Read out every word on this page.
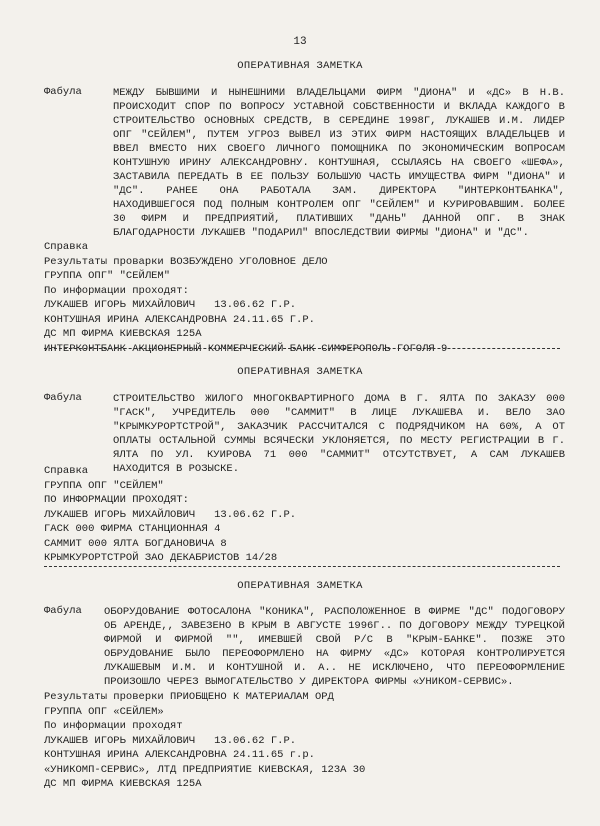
13
ОПЕРАТИВНАЯ ЗАМЕТКА
Фабула	МЕЖДУ БЫВШИМИ И НЫНЕШНИМИ ВЛАДЕЛЬЦАМИ ФИРМ "ДИОНА" И «ДС» В Н.В.
ПРОИСХОДИТ СПОР ПО ВОПРОСУ УСТАВНОЙ СОБСТВЕННОСТИ И ВКЛАДА КАЖДОГО В
СТРОИТЕЛЬСТВО ОСНОВНЫХ СРЕДСТВ, В СЕРЕДИНЕ 1998Г, ЛУКАШЕВ И.М. ЛИДЕР
ОПГ "СЕЙЛЕМ", ПУТЕМ УГРОЗ ВЫВЕЛ ИЗ ЭТИХ ФИРМ НАСТОЯЩИХ ВЛАДЕЛЬЦЕВ И
ВВЕЛ ВМЕСТО НИХ СВОЕГО ЛИЧНОГО ПОМОЩНИКА ПО ЭКОНОМИЧЕСКИМ ВОПРОСАМ
КОНТУШНУЮ ИРИНУ АЛЕКСАНДРОВНУ. КОНТУШНАЯ, ССЫЛАЯСЬ НА СВОЕГО «ШЕФА»,
ЗАСТАВИЛА ПЕРЕДАТЬ В ЕЕ ПОЛЬЗУ БОЛЬШУЮ ЧАСТЬ ИМУЩЕСТВА ФИРМ "ДИОНА" И
"ДС". РАНЕЕ ОНА РАБОТАЛА ЗАМ. ДИРЕКТОРА "ИНТЕРКОНТБАНКА",
НАХОДИВШЕГОСЯ ПОД ПОЛНЫМ КОНТРОЛЕМ ОПГ "СЕЙЛЕМ" И КУРИРОВАВШИМ. БОЛЕЕ
30 ФИРМ И ПРЕДПРИЯТИЙ, ПЛАТИВШИХ "ДАНЬ" ДАННОЙ ОПГ. В ЗНАК
БЛАГОДАРНОСТИ ЛУКАШЕВ "ПОДАРИЛ" ВПОСЛЕДСТВИИ ФИРМЫ "ДИОНА" И "ДС".
Справка
Результаты проварки ВОЗБУЖДЕНО УГОЛОВНОЕ ДЕЛО
ГРУППА ОПГ" "СЕЙЛЕМ"
По информации проходят:
ЛУКАШЕВ ИГОРЬ МИХАЙЛОВИЧ   13.06.62 Г.Р.
КОНТУШНАЯ ИРИНА АЛЕКСАНДРОВНА 24.11.65 Г.Р.
ДС МП ФИРМА КИЕВСКАЯ 125А
ИНТЕРКОНТБАНК АКЦИОНЕРНЫЙ КОММЕРЧЕСКИЙ БАНК СИМФЕРОПОЛЬ ГОГОЛЯ 9
ОПЕРАТИВНАЯ ЗАМЕТКА
Фабула	СТРОИТЕЛЬСТВО ЖИЛОГО МНОГОКВАРТИРНОГО ДОМА В Г. ЯЛТА ПО ЗАКАЗУ 000
"ГАСК", УЧРЕДИТЕЛЬ 000 "САММИТ" В ЛИЦЕ ЛУКАШЕВА И. ВЕЛО ЗАО
"КРЫМКУРОРТСТРОЙ", ЗАКАЗЧИК РАССЧИТАЛСЯ С ПОДРЯДЧИКОМ НА 60%, А ОТ
ОПЛАТЫ ОСТАЛЬНОЙ СУММЫ ВСЯЧЕСКИ УКЛОНЯЕТСЯ, ПО МЕСТУ РЕГИСТРАЦИИ В Г.
ЯЛТА ПО УЛ. КУИРОВА 71 000 "САММИТ" ОТСУТСТВУЕТ, А САМ ЛУКАШЕВ
НАХОДИТСЯ В РОЗЫСКЕ.
Справка
ГРУППА ОПГ "СЕЙЛЕМ"
ПО ИНФОРМАЦИИ ПРОХОДЯТ:
ЛУКАШЕВ ИГОРЬ МИХАЙЛОВИЧ   13.06.62 Г.Р.
ГАСК 000 ФИРМА СТАНЦИОННАЯ 4
САММИТ 000 ЯЛТА БОГДАНОВИЧА 8
КРЫМКУРОРТСТРОЙ ЗАО ДЕКАБРИСТОВ 14/28
ОПЕРАТИВНАЯ ЗАМЕТКА
Фабула ОБОРУДОВАНИЕ ФОТОСАЛОНА "КОНИКА", РАСПОЛОЖЕННОЕ В ФИРМЕ "ДС" ПОДОГОВОРУ
ОБ АРЕНДЕ,, ЗАВЕЗЕНО В КРЫМ В АВГУСТЕ 1996Г.. ПО ДОГОВОРУ МЕЖДУ ТУРЕЦКОЙ
ФИРМОЙ И ФИРМОЙ "", ИМЕВШЕЙ СВОЙ Р/С В "КРЫМ-БАНКЕ". ПОЗЖЕ ЭТО
ОБРУДОВАНИЕ БЫЛО ПЕРЕОФОРМЛЕНО НА ФИРМУ «ДС» КОТОРАЯ КОНТРОЛИРУЕТСЯ
ЛУКАШЕВЫМ И.М. И КОНТУШНОЙ И. А.. НЕ ИСКЛЮЧЕНО, ЧТО ПЕРЕОФОРМЛЕНИЕ
ПРОИЗОШЛО ЧЕРЕЗ ВЫМОГАТЕЛЬСТВО У ДИРЕКТОРА ФИРМЫ «УНИКОМ-СЕРВИС».
Результаты проверки ПРИОБЩЕНО К МАТЕРИАЛАМ ОРД
ГРУППА ОПГ «СЕЙЛЕМ»
По информации проходят
ЛУКАШЕВ ИГОРЬ МИХАЙЛОВИЧ   13.06.62 Г.Р.
КОНТУШНАЯ ИРИНА АЛЕКСАНДРОВНА 24.11.65 г.р.
«УНИКОМП-СЕРВИС», ЛТД ПРЕДПРИЯТИЕ КИЕВСКАЯ, 123А 30
ДС МП ФИРМА КИЕВСКАЯ 125А
